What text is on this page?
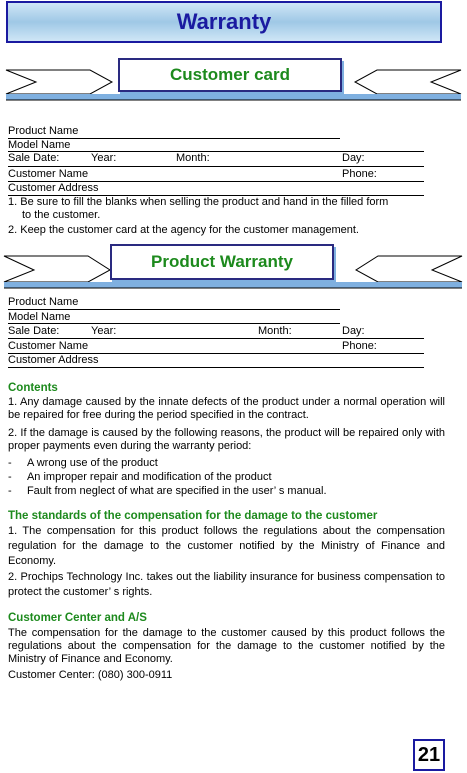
Warranty
Customer card
Product Name
Model Name
Sale Date:	Year:	Month:	Day:
Customer Name	Phone:
Customer Address
1. Be sure to fill the blanks when selling the product and hand in the filled form
to the customer.
2. Keep the customer card at the agency for the customer management.
Product Warranty
Product Name
Model Name
Sale Date:	Year:	Month:	Day:
Customer Name	Phone:
Customer Address
Contents
1. Any damage caused by the innate defects of the product under a normal operation will be repaired for free during the period specified in the contract.
2. If the damage is caused by the following reasons, the product will be repaired only with proper payments even during the warranty period:
-     A wrong use of the product
-     An improper repair and modification of the product
-     Fault from neglect of what are specified in the user’ s manual.
The standards of the compensation for the damage to the customer
1. The compensation for this product follows the regulations about the compensation regulation for the damage to the customer notified by the Ministry of Finance and Economy.
2. Prochips Technology Inc. takes out the liability insurance for business compensation to protect the customer’ s rights.
Customer Center and A/S
The compensation for the damage to the customer caused by this product follows the regulations about the compensation for the damage to the customer notified by the Ministry of Finance and Economy.
Customer Center: (080) 300-0911
21
